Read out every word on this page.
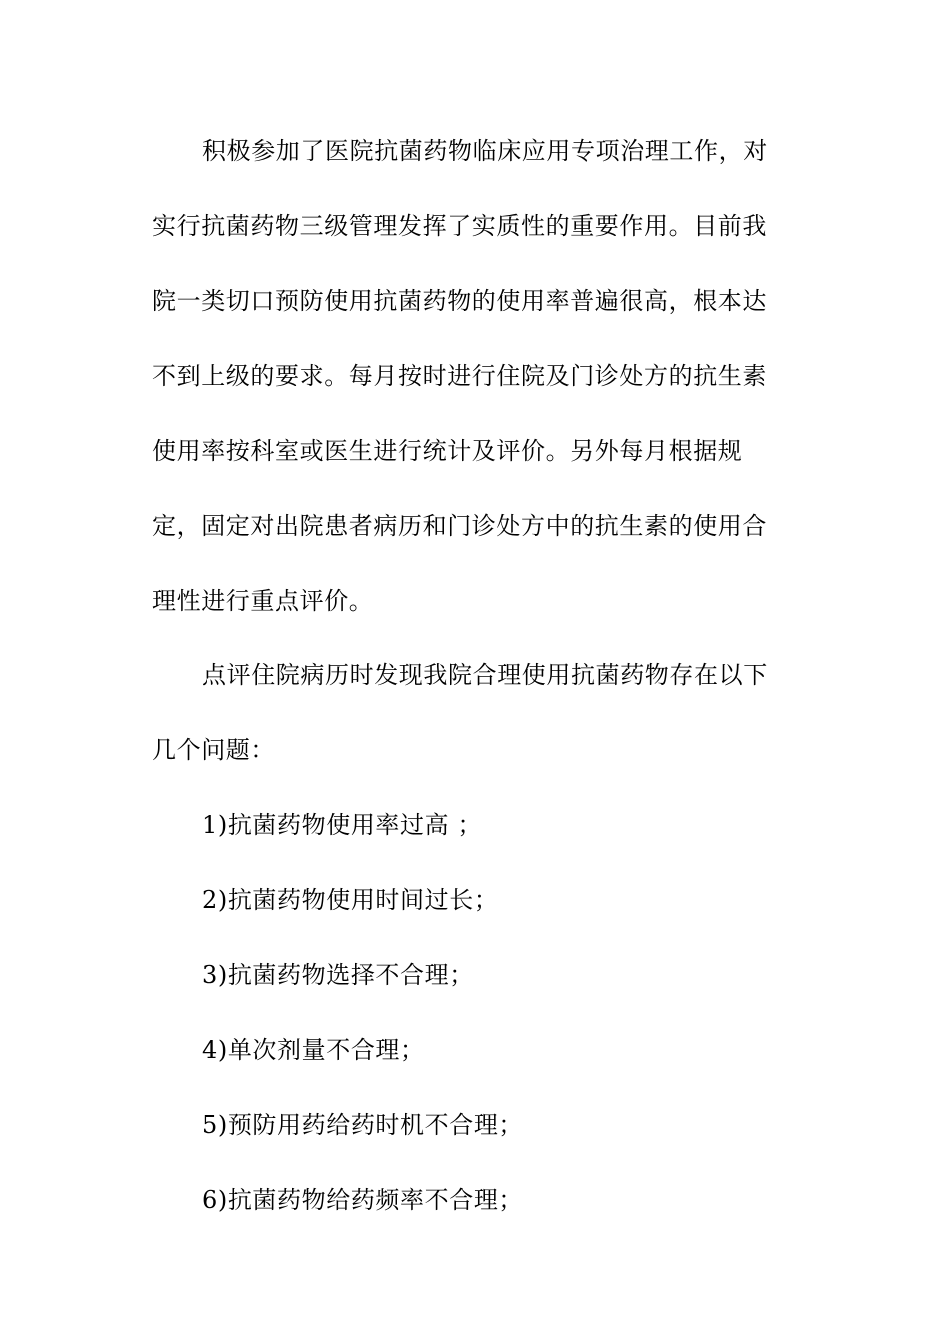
积极参加了医院抗菌药物临床应用专项治理工作，对
实行抗菌药物三级管理发挥了实质性的重要作用。目前我
院一类切口预防使用抗菌药物的使用率普遍很高，根本达
不到上级的要求。每月按时进行住院及门诊处方的抗生素
使用率按科室或医生进行统计及评价。另外每月根据规
定，固定对出院患者病历和门诊处方中的抗生素的使用合
理性进行重点评价。
点评住院病历时发现我院合理使用抗菌药物存在以下
几个问题：
1)抗菌药物使用率过高 ；
2)抗菌药物使用时间过长；
3)抗菌药物选择不合理；
4)单次剂量不合理；
5)预防用药给药时机不合理；
6)抗菌药物给药频率不合理；
